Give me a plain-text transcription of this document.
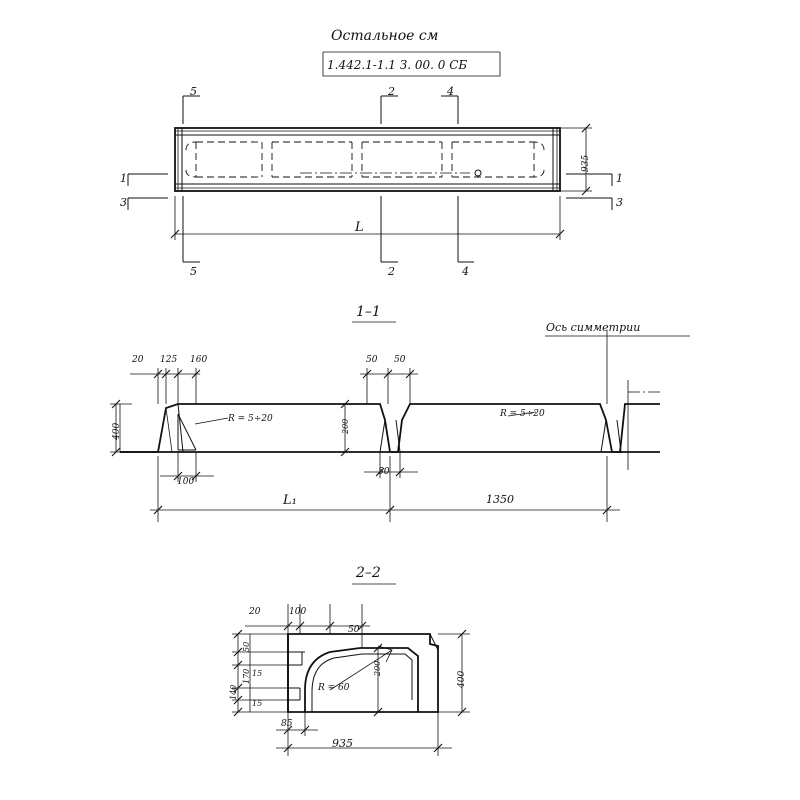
Остальное см
1.442.1-1.1 З. 00. 0 СБ
5	2	4
5	2	4
1
3
1
3
L
935
1–1
20 125 160	50 50
400	200
100
50
L₁	1350
R = 5÷20	R = 5÷20
Ось симметрии
2–2
20	100
50
50
170
140
15
15
200
400
85
935
R = 60
